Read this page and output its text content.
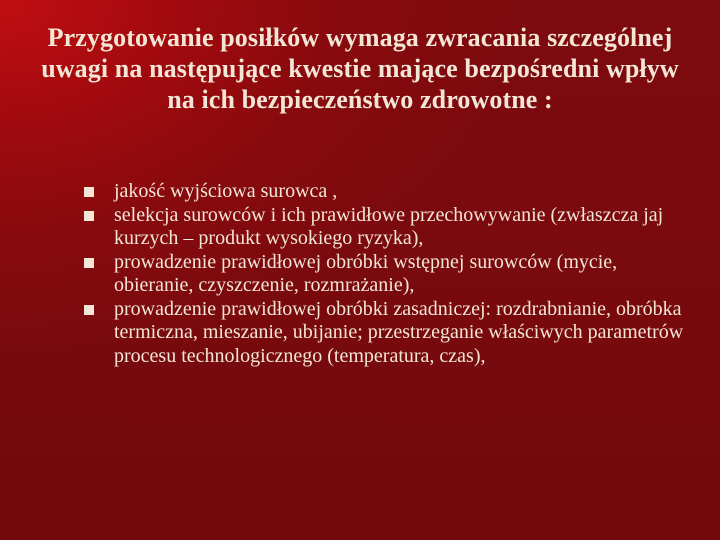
Przygotowanie posiłków wymaga zwracania szczególnej uwagi na następujące kwestie mające bezpośredni wpływ na ich bezpieczeństwo zdrowotne :
jakość wyjściowa surowca ,
selekcja surowców i ich prawidłowe przechowywanie (zwłaszcza jaj kurzych – produkt wysokiego ryzyka),
prowadzenie prawidłowej obróbki wstępnej surowców (mycie, obieranie, czyszczenie, rozmrażanie),
prowadzenie prawidłowej obróbki zasadniczej: rozdrabnianie, obróbka termiczna, mieszanie, ubijanie; przestrzeganie właściwych parametrów procesu technologicznego (temperatura, czas),
